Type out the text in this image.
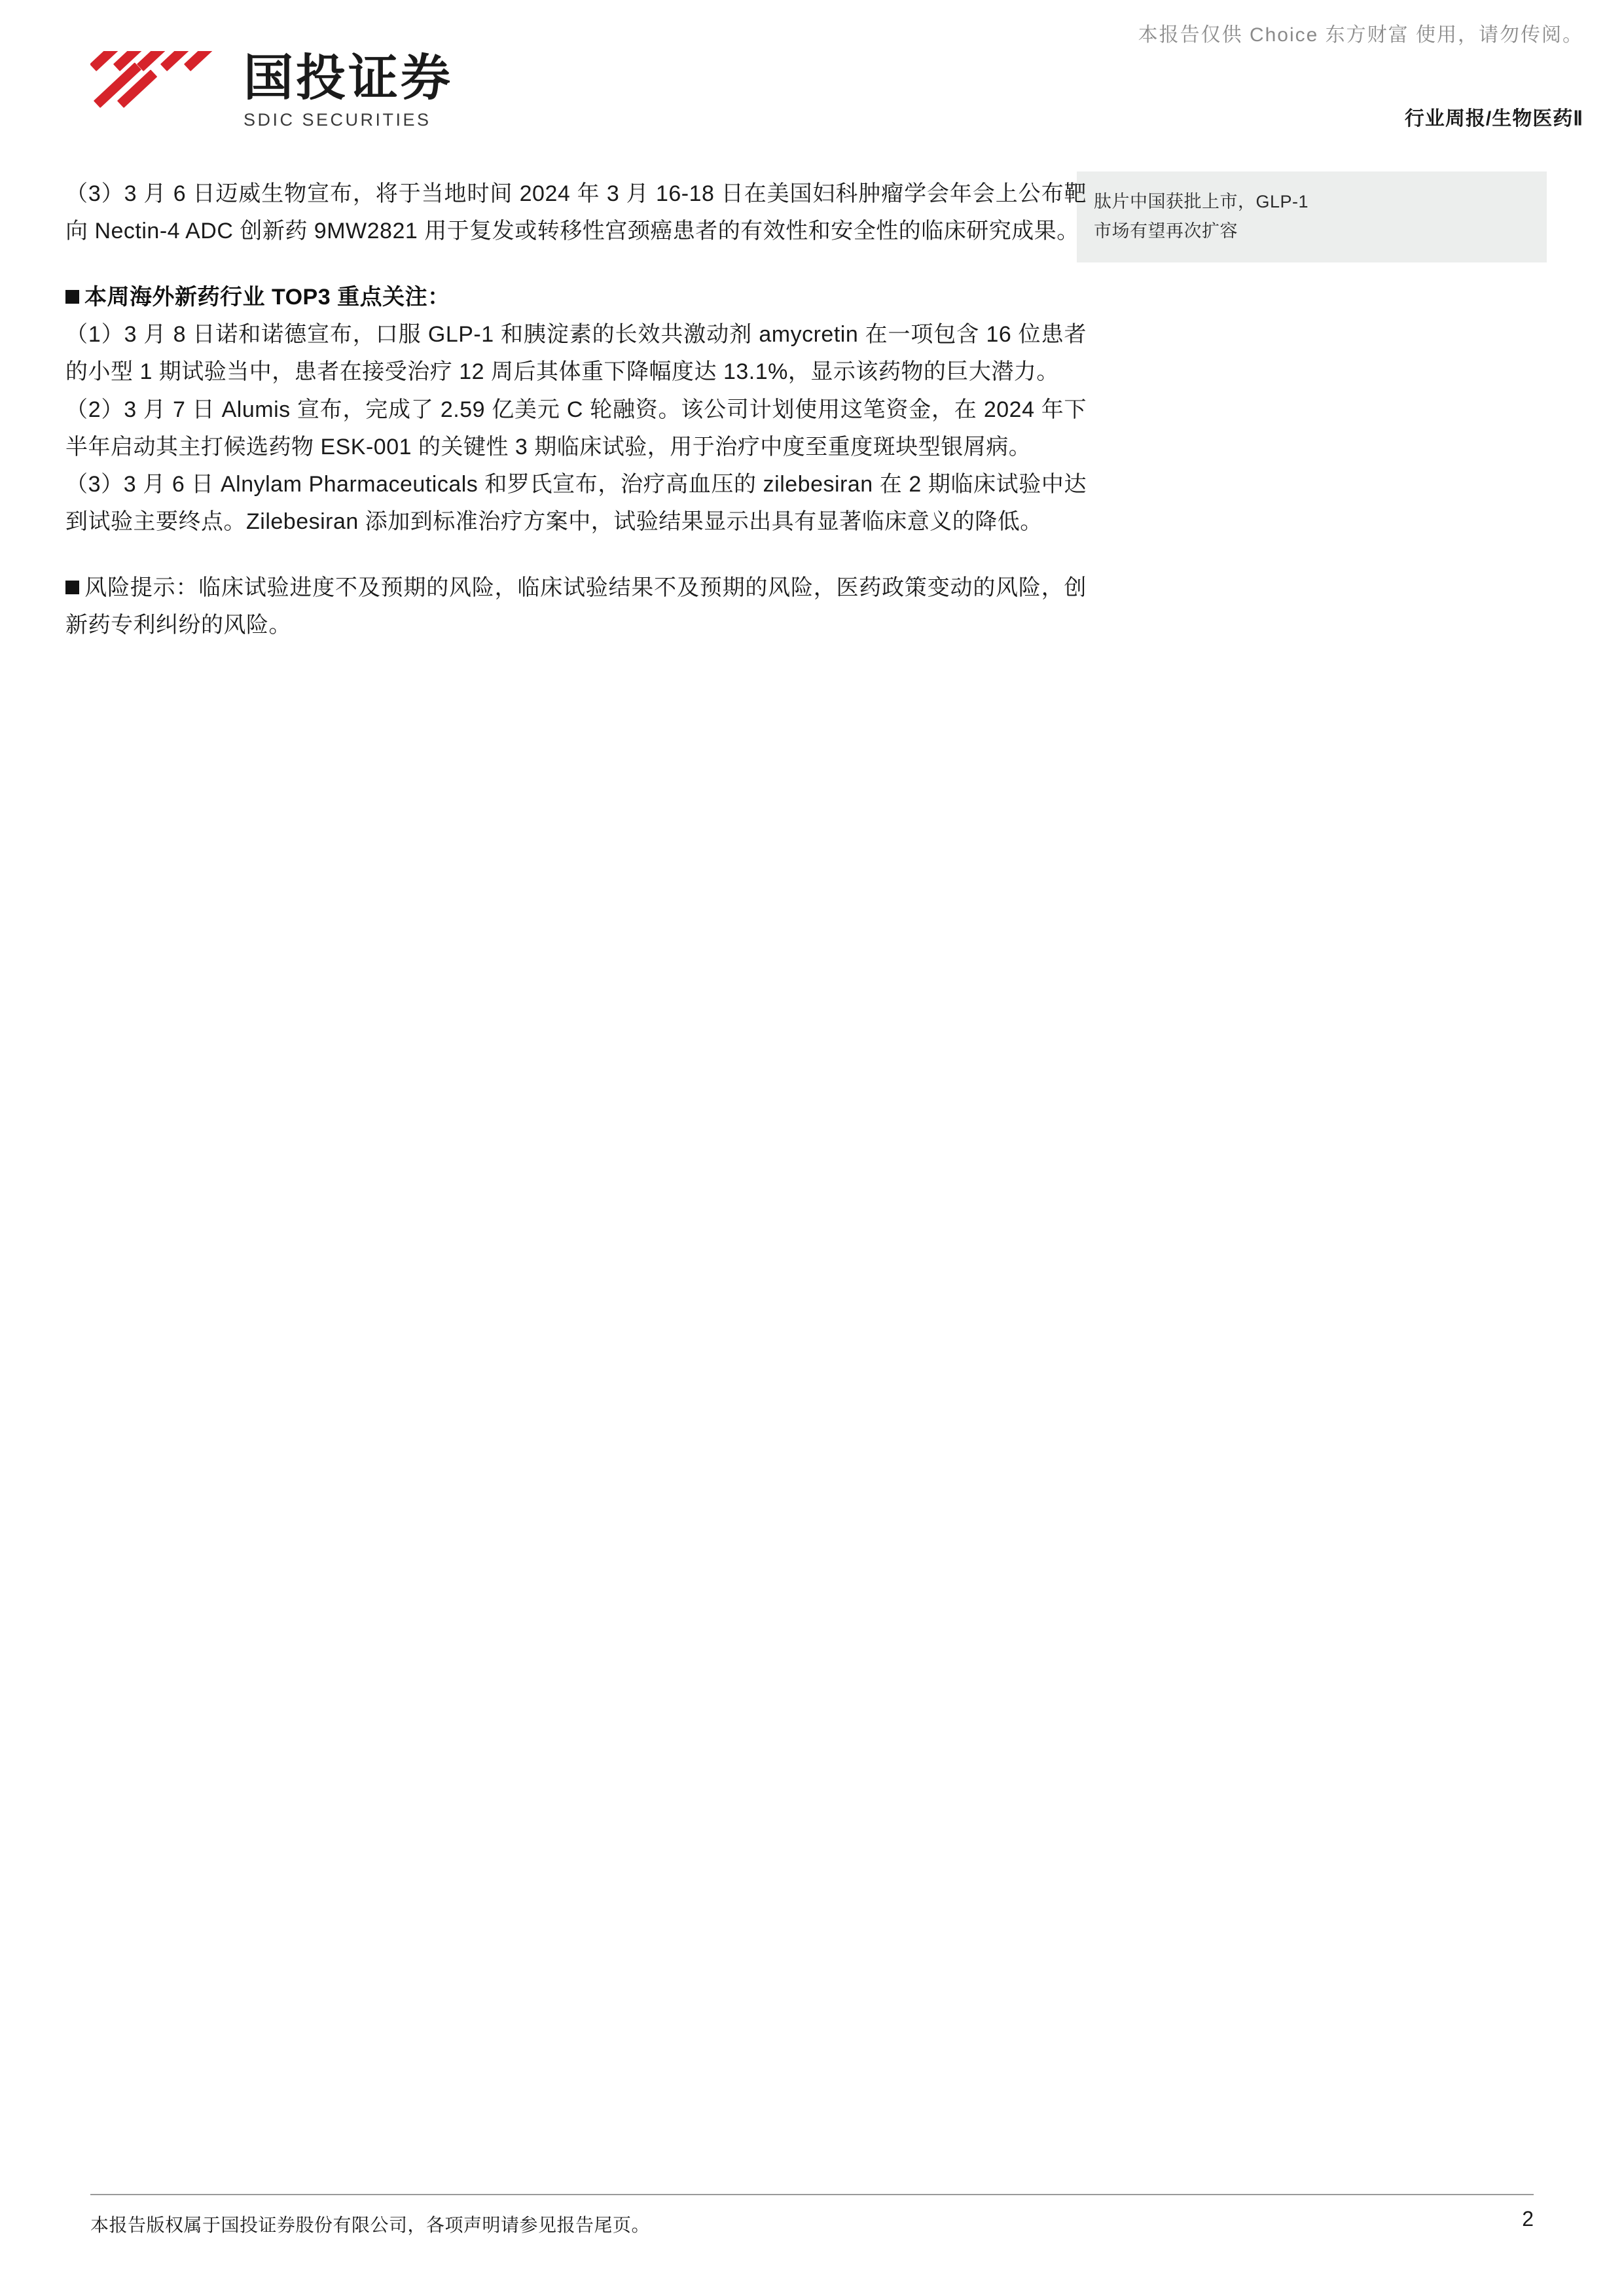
本报告仅供 Choice 东方财富 使用，请勿传阅。
国投证券
SDIC SECURITIES	行业周报/生物医药Ⅱ
肽片中国获批上市，GLP-1
市场有望再次扩容

（3）3 月 6 日迈威生物宣布，将于当地时间 2024 年 3 月 16-18 日在美国妇科肿瘤学会年会上公布靶向 Nectin-4 ADC 创新药 9MW2821 用于复发或转移性宫颈癌患者的有效性和安全性的临床研究成果。

本周海外新药行业 TOP3 重点关注：

（1）3 月 8 日诺和诺德宣布，口服 GLP-1 和胰淀素的长效共激动剂 amycretin 在一项包含 16 位患者的小型 1 期试验当中，患者在接受治疗 12 周后其体重下降幅度达 13.1%，显示该药物的巨大潜力。

（2）3 月 7 日 Alumis 宣布，完成了 2.59 亿美元 C 轮融资。该公司计划使用这笔资金，在 2024 年下半年启动其主打候选药物 ESK-001 的关键性 3 期临床试验，用于治疗中度至重度斑块型银屑病。

（3）3 月 6 日 Alnylam Pharmaceuticals 和罗氏宣布，治疗高血压的 zilebesiran 在 2 期临床试验中达到试验主要终点。Zilebesiran 添加到标准治疗方案中，试验结果显示出具有显著临床意义的降低。

风险提示：临床试验进度不及预期的风险，临床试验结果不及预期的风险，医药政策变动的风险，创新药专利纠纷的风险。
本报告版权属于国投证券股份有限公司，各项声明请参见报告尾页。	2
